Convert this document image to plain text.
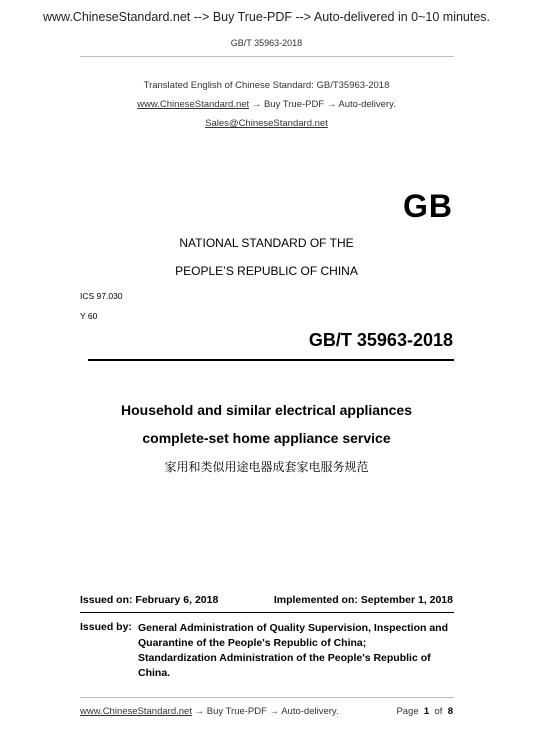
www.ChineseStandard.net --> Buy True-PDF --> Auto-delivered in 0~10 minutes.
GB/T 35963-2018
Translated English of Chinese Standard: GB/T35963-2018
www.ChineseStandard.net → Buy True-PDF → Auto-delivery.
Sales@ChineseStandard.net
GB
NATIONAL STANDARD OF THE
PEOPLE’S REPUBLIC OF CHINA
ICS 97.030
Y 60
GB/T 35963-2018
Household and similar electrical appliances
complete-set home appliance service
家用和类似用途电器成套家电服务规范
Issued on: February 6, 2018	Implemented on: September 1, 2018
Issued by: General Administration of Quality Supervision, Inspection and
Quarantine of the People's Republic of China;
Standardization Administration of the People's Republic of
China.
www.ChineseStandard.net → Buy True-PDF → Auto-delivery.	Page 1 of 8
